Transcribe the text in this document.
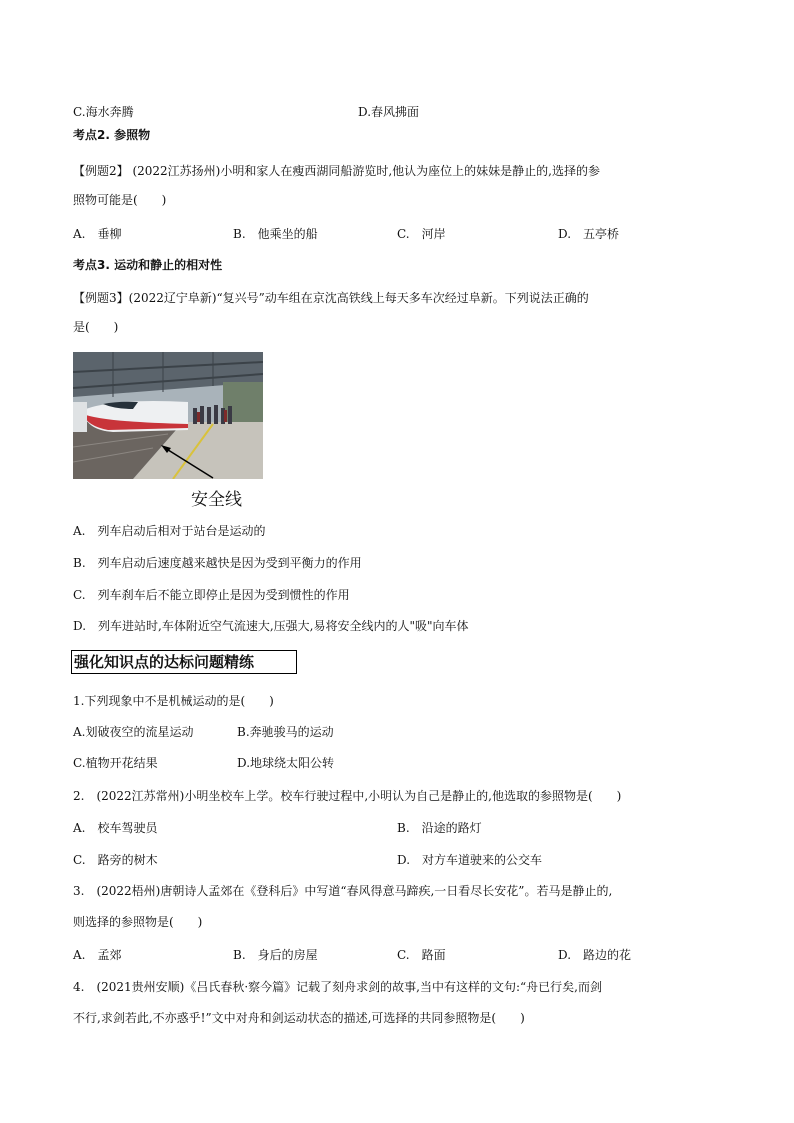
C.海水奔腾	D.春风拂面
考点2. 参照物
【例题2】 (2022江苏扬州)小明和家人在瘦西湖同船游览时,他认为座位上的妹妹是静止的,选择的参
照物可能是(　　)
A.　垂柳	B.　他乘坐的船	C.　河岸	D.　五亭桥
考点3. 运动和静止的相对性
【例题3】(2022辽宁阜新)“复兴号”动车组在京沈高铁线上每天多车次经过阜新。下列说法正确的
是(　　)
安全线
A.　列车启动后相对于站台是运动的
B.　列车启动后速度越来越快是因为受到平衡力的作用
C.　列车刹车后不能立即停止是因为受到惯性的作用
D.　列车进站时,车体附近空气流速大,压强大,易将安全线内的人"吸"向车体
强化知识点的达标问题精练
1.下列现象中不是机械运动的是(　　)
A.划破夜空的流星运动	B.奔驰骏马的运动
C.植物开花结果	D.地球绕太阳公转
2.　(2022江苏常州)小明坐校车上学。校车行驶过程中,小明认为自己是静止的,他选取的参照物是(　　)
A.　校车驾驶员	B.　沿途的路灯
C.　路旁的树木	D.　对方车道驶来的公交车
3.　(2022梧州)唐朝诗人孟郊在《登科后》中写道“春风得意马蹄疾,一日看尽长安花”。若马是静止的,
则选择的参照物是(　　)
A.　孟郊	B.　身后的房屋	C.　路面	D.　路边的花
4.　(2021贵州安顺)《吕氏春秋·察今篇》记载了刻舟求剑的故事,当中有这样的文句:“舟已行矣,而剑
不行,求剑若此,不亦惑乎!”文中对舟和剑运动状态的描述,可选择的共同参照物是(　　)
